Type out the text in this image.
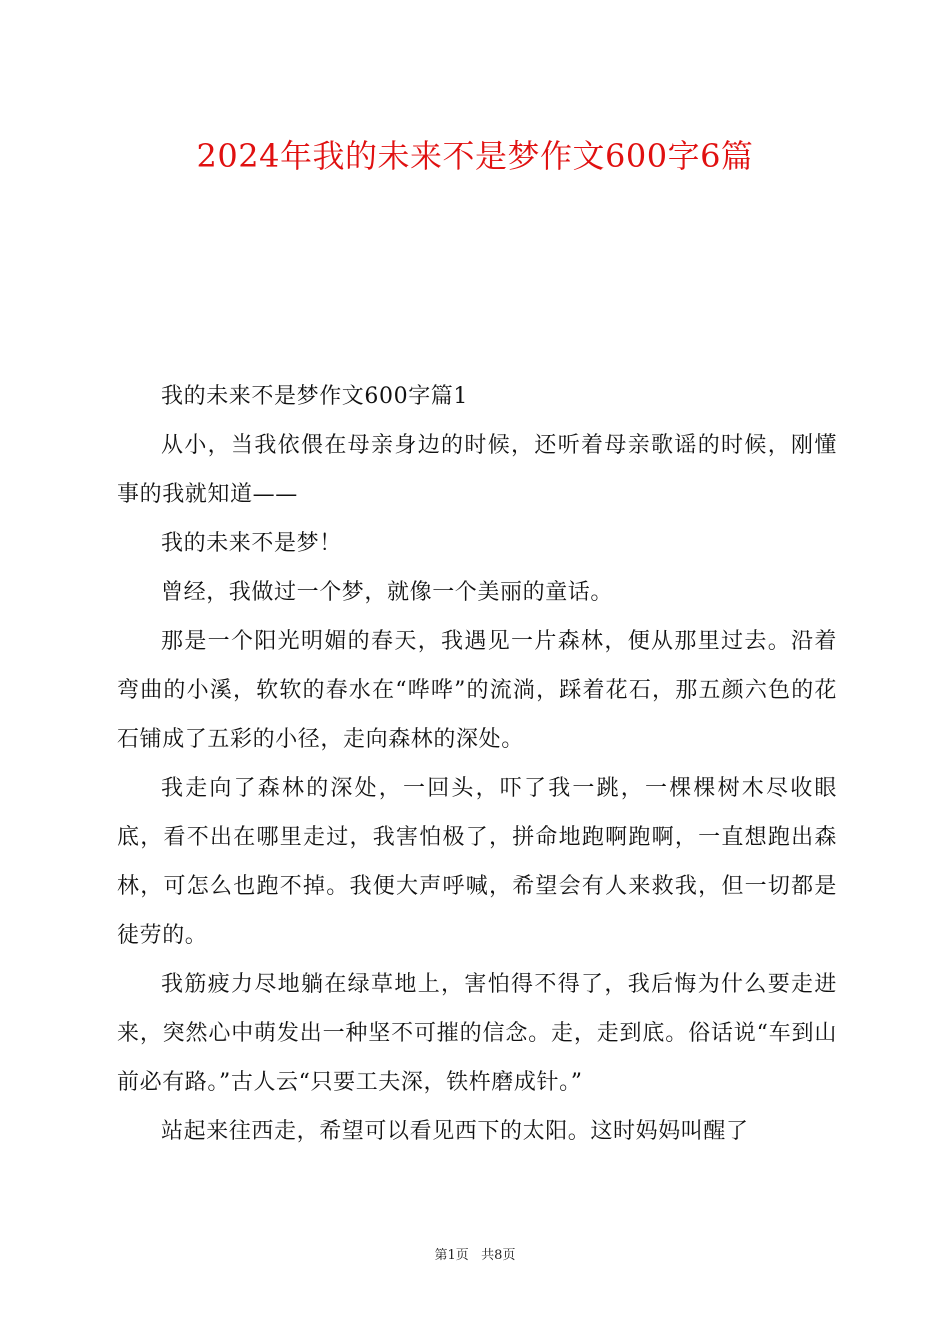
2024年我的未来不是梦作文600字6篇

我的未来不是梦作文600字篇1

从小，当我依偎在母亲身边的时候，还听着母亲歌谣的时候，刚懂事的我就知道——

我的未来不是梦！

曾经，我做过一个梦，就像一个美丽的童话。

那是一个阳光明媚的春天，我遇见一片森林，便从那里过去。沿着弯曲的小溪，软软的春水在“哗哗”的流淌，踩着花石，那五颜六色的花石铺成了五彩的小径，走向森林的深处。

我走向了森林的深处，一回头，吓了我一跳，一棵棵树木尽收眼底，看不出在哪里走过，我害怕极了，拼命地跑啊跑啊，一直想跑出森林，可怎么也跑不掉。我便大声呼喊，希望会有人来救我，但一切都是徒劳的。

我筋疲力尽地躺在绿草地上，害怕得不得了，我后悔为什么要走进来，突然心中萌发出一种坚不可摧的信念。走，走到底。俗话说“车到山前必有路。”古人云“只要工夫深，铁杵磨成针。”

站起来往西走，希望可以看见西下的太阳。这时妈妈叫醒了

第1页   共8页
